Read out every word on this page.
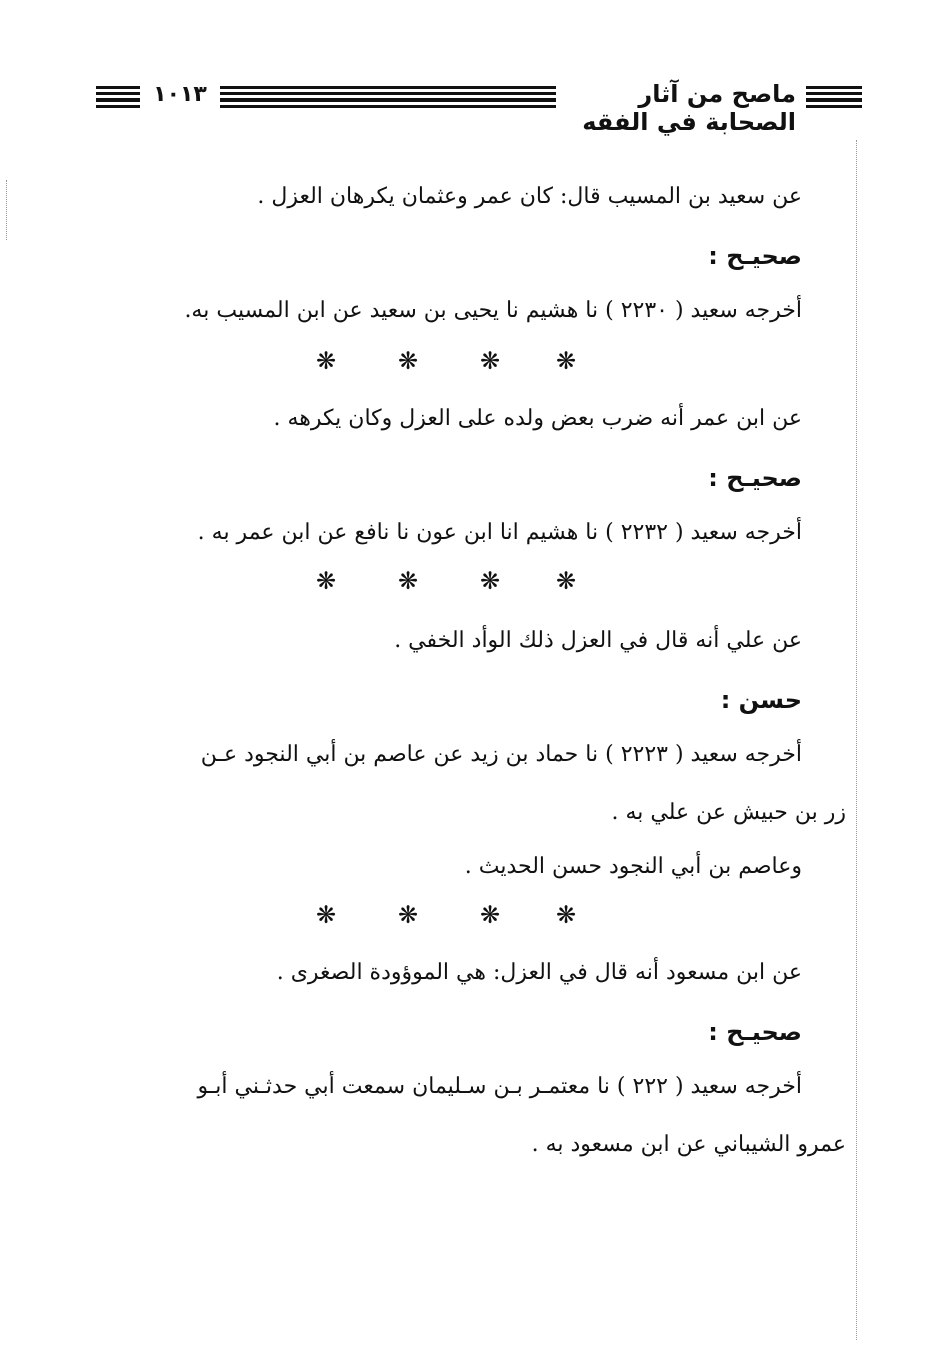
١٠١٣	ماصح من آثار الصحابة في الفقه
عن سعيد بن المسيب قال: كان عمر وعثمان يكرهان العزل .
صحيـح :
أخرجه سعيد ( ٢٢٣٠ ) نا هشيم نا يحيى بن سعيد عن ابن المسيب به.
❋	❋	❋ ❋
عن ابن عمر أنه ضرب بعض ولده على العزل وكان يكرهه .
صحيـح :
أخرجه سعيد ( ٢٢٣٢ ) نا هشيم انا ابن عون نا نافع عن ابن عمر به .
❋	❋	❋ ❋
عن علي أنه قال في العزل ذلك الوأد الخفي .
حسن :
أخرجه سعيد ( ٢٢٢٣ ) نا حماد بن زيد عن عاصم بن أبي النجود عـن
زر بن حبيش عن علي به .
وعاصم بن أبي النجود حسن الحديث .
❋	❋	❋ ❋
عن ابن مسعود أنه قال في العزل: هي الموؤودة الصغرى .
صحيـح :
أخرجه سعيد ( ٢٢٢ ) نا معتمـر بـن سـليمان سمعت أبي حدثـني أبـو
عمرو الشيباني عن ابن مسعود به .
